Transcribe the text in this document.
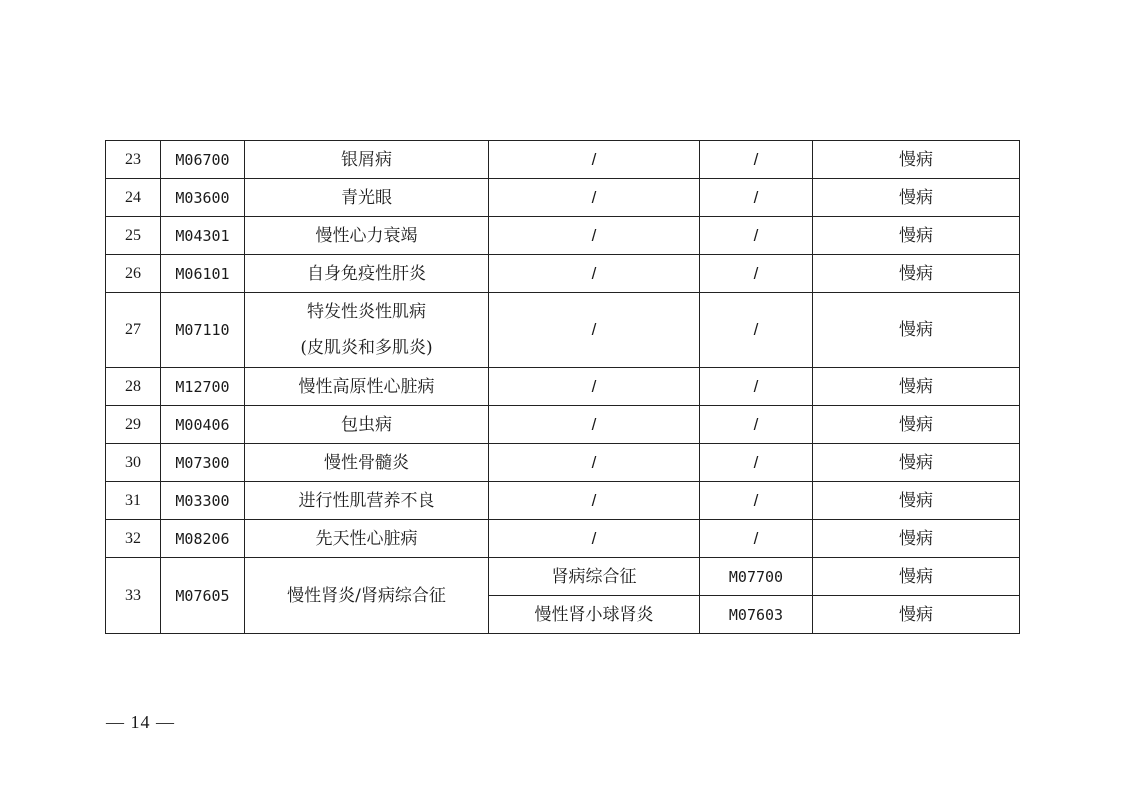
23	M06700	银屑病	/	/	慢病
24	M03600	青光眼	/	/	慢病
25	M04301	慢性心力衰竭	/	/	慢病
26	M06101	自身免疫性肝炎	/	/	慢病
27	M07110	特发性炎性肌病
(皮肌炎和多肌炎)	/	/	慢病
28	M12700	慢性高原性心脏病	/	/	慢病
29	M00406	包虫病	/	/	慢病
30	M07300	慢性骨髓炎	/	/	慢病
31	M03300	进行性肌营养不良	/	/	慢病
32	M08206	先天性心脏病	/	/	慢病
33	M07605	慢性肾炎/肾病综合征	肾病综合征	M07700	慢病
			慢性肾小球肾炎	M07603	慢病
— 14 —
